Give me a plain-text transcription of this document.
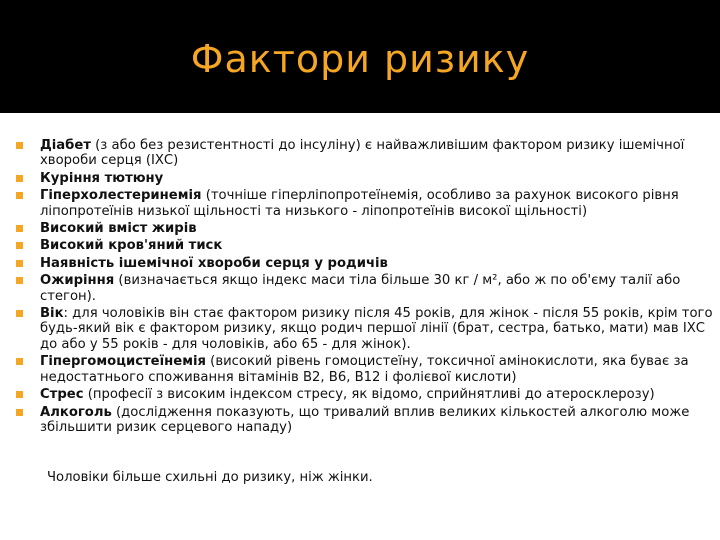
Фактори ризику
Діабет (з або без резистентності до інсуліну) є найважливішим фактором ризику ішемічної хвороби серця (ІХС)
Куріння тютюну
Гіперхолестеринемія (точніше гіперліпопротеїнемія, особливо за рахунок високого рівня ліпопротеїнів низької щільності та низького - ліпопротеїнів високої щільності)
Високий вміст жирів
Високий кров'яний тиск
Наявність ішемічної хвороби серця у родичів
Ожиріння (визначається якщо індекс маси тіла більше 30 кг / м², або ж по об'єму талії або стегон).
Вік: для чоловіків він стає фактором ризику після 45 років, для жінок - після 55 років, крім того будь-який вік є фактором ризику, якщо родич першої лінії (брат, сестра, батько, мати) мав ІХС до або у 55 років - для чоловіків, або 65 - для жінок).
Гіпергомоцистеїнемія (високий рівень гомоцистеїну, токсичної амінокислоти, яка буває за недостатнього споживання вітамінів В2, В6, В12 і фолієвої кислоти)
Стрес (професії з високим індексом стресу, як відомо, сприйнятливі до атеросклерозу)
Алкоголь (дослідження показують, що тривалий вплив великих кількостей алкоголю може збільшити ризик серцевого нападу)
Чоловіки більше схильні до ризику, ніж жінки.
